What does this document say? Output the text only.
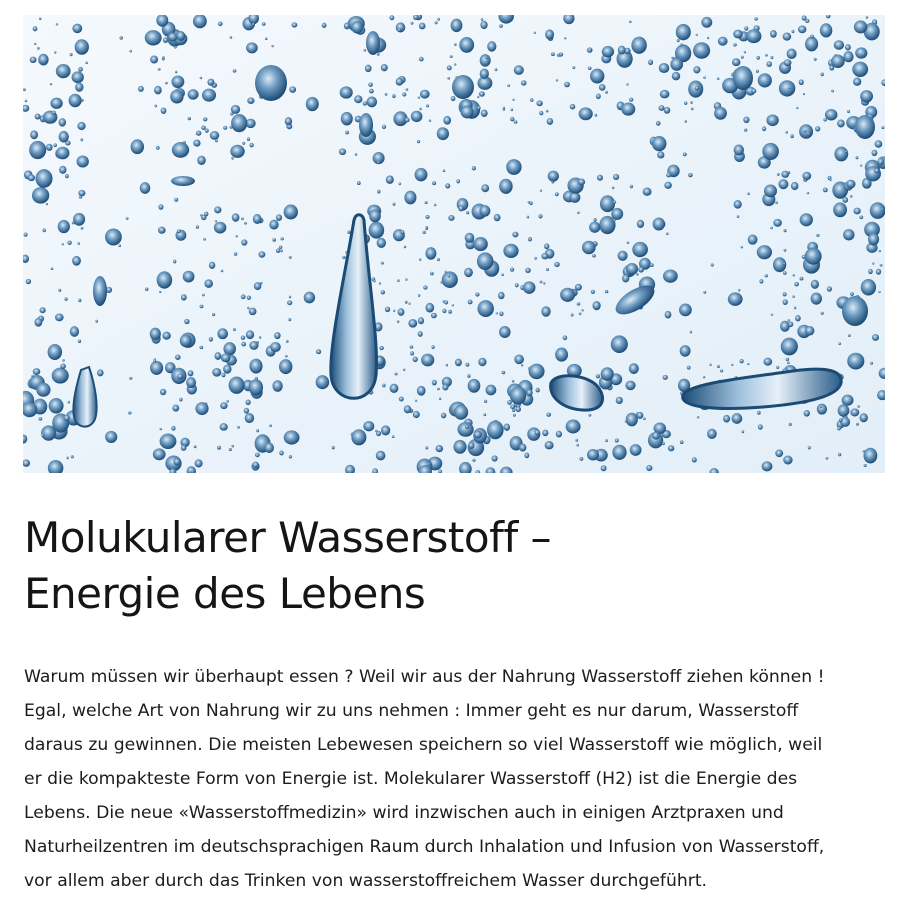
Molukularer Wasserstoff –
Energie des Lebens
Warum müssen wir überhaupt essen ? Weil wir aus der Nahrung Wasserstoff ziehen können !
Egal, welche Art von Nahrung wir zu uns nehmen : Immer geht es nur darum, Wasserstoff
daraus zu gewinnen. Die meisten Lebewesen speichern so viel Wasserstoff wie möglich, weil
er die kompakteste Form von Energie ist. Molekularer Wasserstoff (H2) ist die Energie des
Lebens. Die neue «Wasserstoffmedizin» wird inzwischen auch in einigen Arztpraxen und
Naturheilzentren im deutschsprachigen Raum durch Inhalation und Infusion von Wasserstoff,
vor allem aber durch das Trinken von wasserstoffreichem Wasser durchgeführt.
